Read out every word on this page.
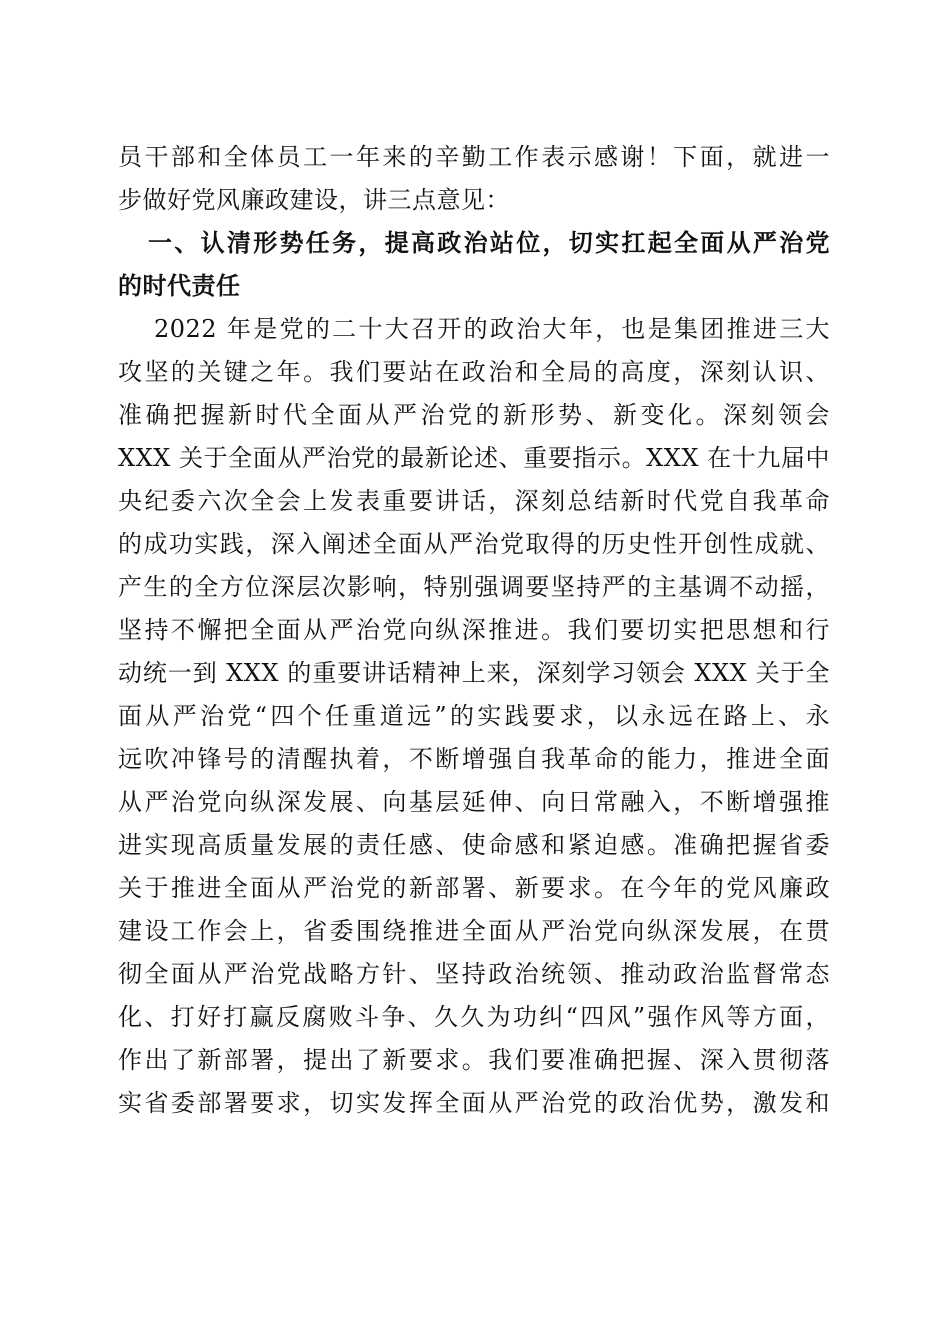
员干部和全体员工一年来的辛勤工作表示感谢！下面，就进一
步做好党风廉政建设，讲三点意见：
一、认清形势任务，提高政治站位，切实扛起全面从严治党
的时代责任
2022 年是党的二十大召开的政治大年，也是集团推进三大
攻坚的关键之年。我们要站在政治和全局的高度，深刻认识、
准确把握新时代全面从严治党的新形势、新变化。深刻领会
XXX 关于全面从严治党的最新论述、重要指示。XXX 在十九届中
央纪委六次全会上发表重要讲话，深刻总结新时代党自我革命
的成功实践，深入阐述全面从严治党取得的历史性开创性成就、
产生的全方位深层次影响，特别强调要坚持严的主基调不动摇，
坚持不懈把全面从严治党向纵深推进。我们要切实把思想和行
动统一到 XXX 的重要讲话精神上来，深刻学习领会 XXX 关于全
面从严治党“四个任重道远”的实践要求，以永远在路上、永
远吹冲锋号的清醒执着，不断增强自我革命的能力，推进全面
从严治党向纵深发展、向基层延伸、向日常融入，不断增强推
进实现高质量发展的责任感、使命感和紧迫感。准确把握省委
关于推进全面从严治党的新部署、新要求。在今年的党风廉政
建设工作会上，省委围绕推进全面从严治党向纵深发展，在贯
彻全面从严治党战略方针、坚持政治统领、推动政治监督常态
化、打好打赢反腐败斗争、久久为功纠“四风”强作风等方面，
作出了新部署，提出了新要求。我们要准确把握、深入贯彻落
实省委部署要求，切实发挥全面从严治党的政治优势，激发和
